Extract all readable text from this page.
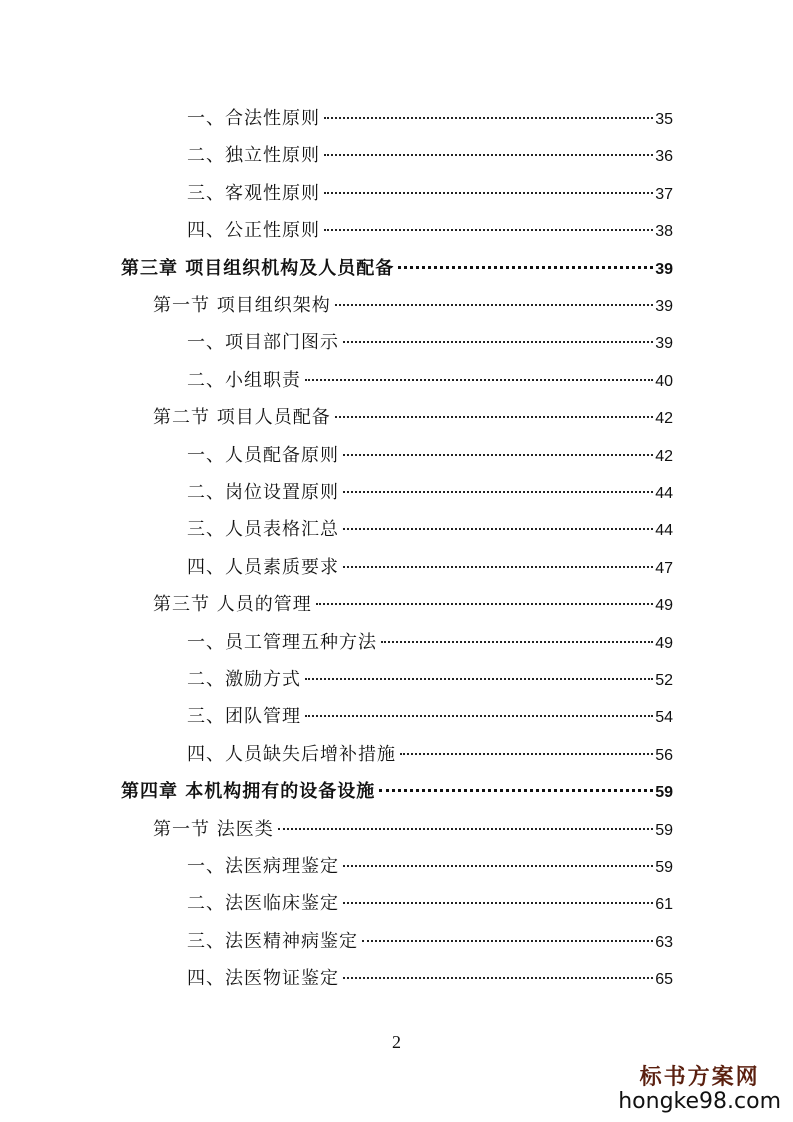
一、合法性原则	35
二、独立性原则	36
三、客观性原则	37
四、公正性原则	38
第三章 项目组织机构及人员配备	39
第一节 项目组织架构	39
一、项目部门图示	39
二、小组职责	40
第二节 项目人员配备	42
一、人员配备原则	42
二、岗位设置原则	44
三、人员表格汇总	44
四、人员素质要求	47
第三节 人员的管理	49
一、员工管理五种方法	49
二、激励方式	52
三、团队管理	54
四、人员缺失后增补措施	56
第四章 本机构拥有的设备设施	59
第一节 法医类	59
一、法医病理鉴定	59
二、法医临床鉴定	61
三、法医精神病鉴定	63
四、法医物证鉴定	65
2
标书方案网
hongke98.com
